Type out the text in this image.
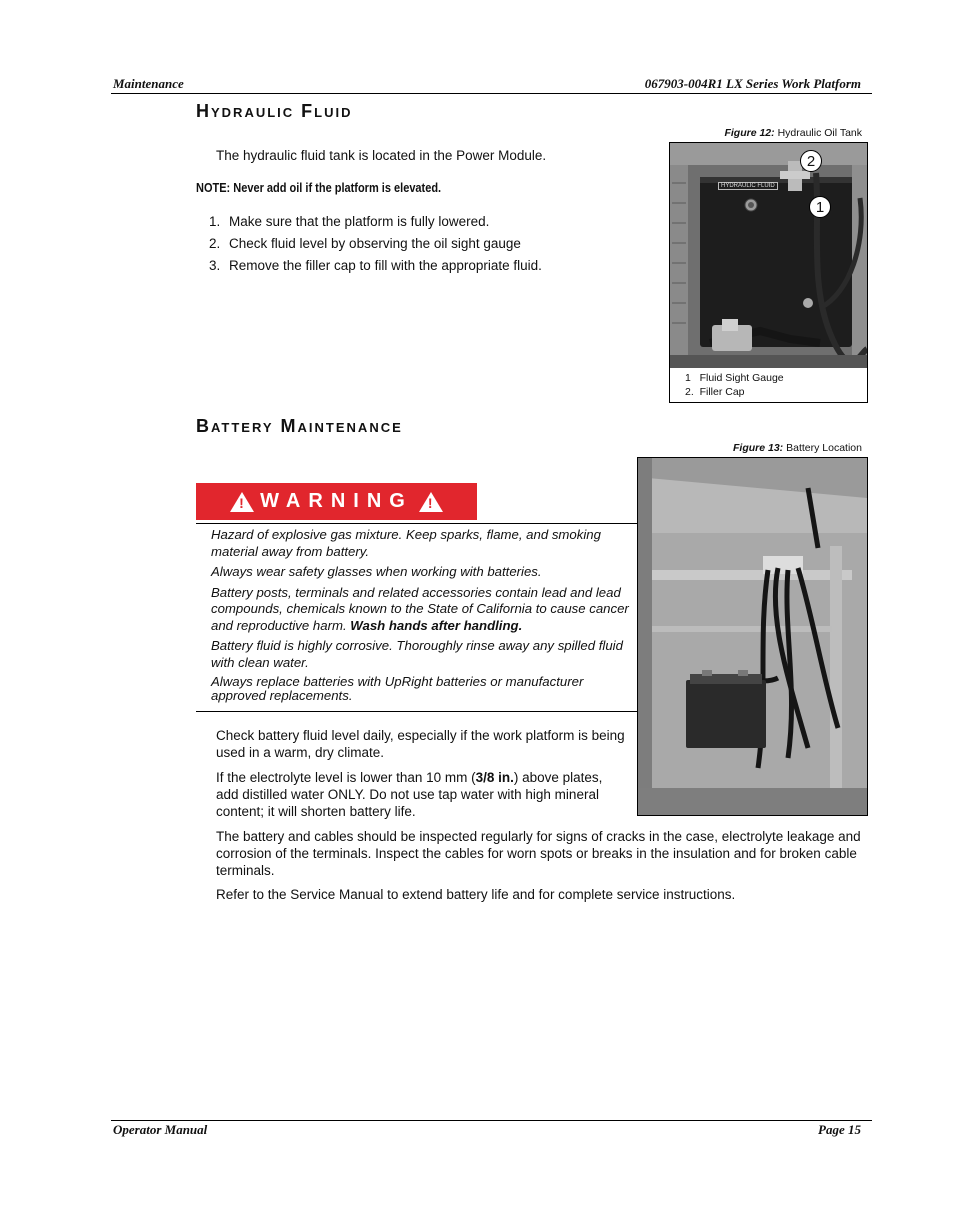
Maintenance	067903-004R1 LX Series Work Platform
Hydraulic Fluid
The hydraulic fluid tank is located in the Power Module.
NOTE: Never add oil if the platform is elevated.
1. Make sure that the platform is fully lowered.
2. Check fluid level by observing the oil sight gauge
3. Remove the filler cap to fill with the appropriate fluid.
Figure 12: Hydraulic Oil Tank
HYDRAULIC FLUID
1
2
1   Fluid Sight Gauge
2.  Filler Cap
Battery Maintenance
Figure 13: Battery Location
! WARNING !

Hazard of explosive gas mixture. Keep sparks, flame, and smoking material away from battery.

Always wear safety glasses when working with batteries.

Battery posts, terminals and related accessories contain lead and lead compounds, chemicals known to the State of California to cause cancer and reproductive harm. Wash hands after handling.

Battery fluid is highly corrosive. Thoroughly rinse away any spilled fluid with clean water.

Always replace batteries with UpRight batteries or manufacturer approved replacements.

Check battery fluid level daily, especially if the work platform is being used in a warm, dry climate.

If the electrolyte level is lower than 10 mm (3/8 in.) above plates, add distilled water ONLY. Do not use tap water with high mineral content; it will shorten battery life.

The battery and cables should be inspected regularly for signs of cracks in the case, electrolyte leakage and corrosion of the terminals. Inspect the cables for worn spots or breaks in the insulation and for broken cable terminals.

Refer to the Service Manual to extend battery life and for complete service instructions.

Operator Manual	Page 15
